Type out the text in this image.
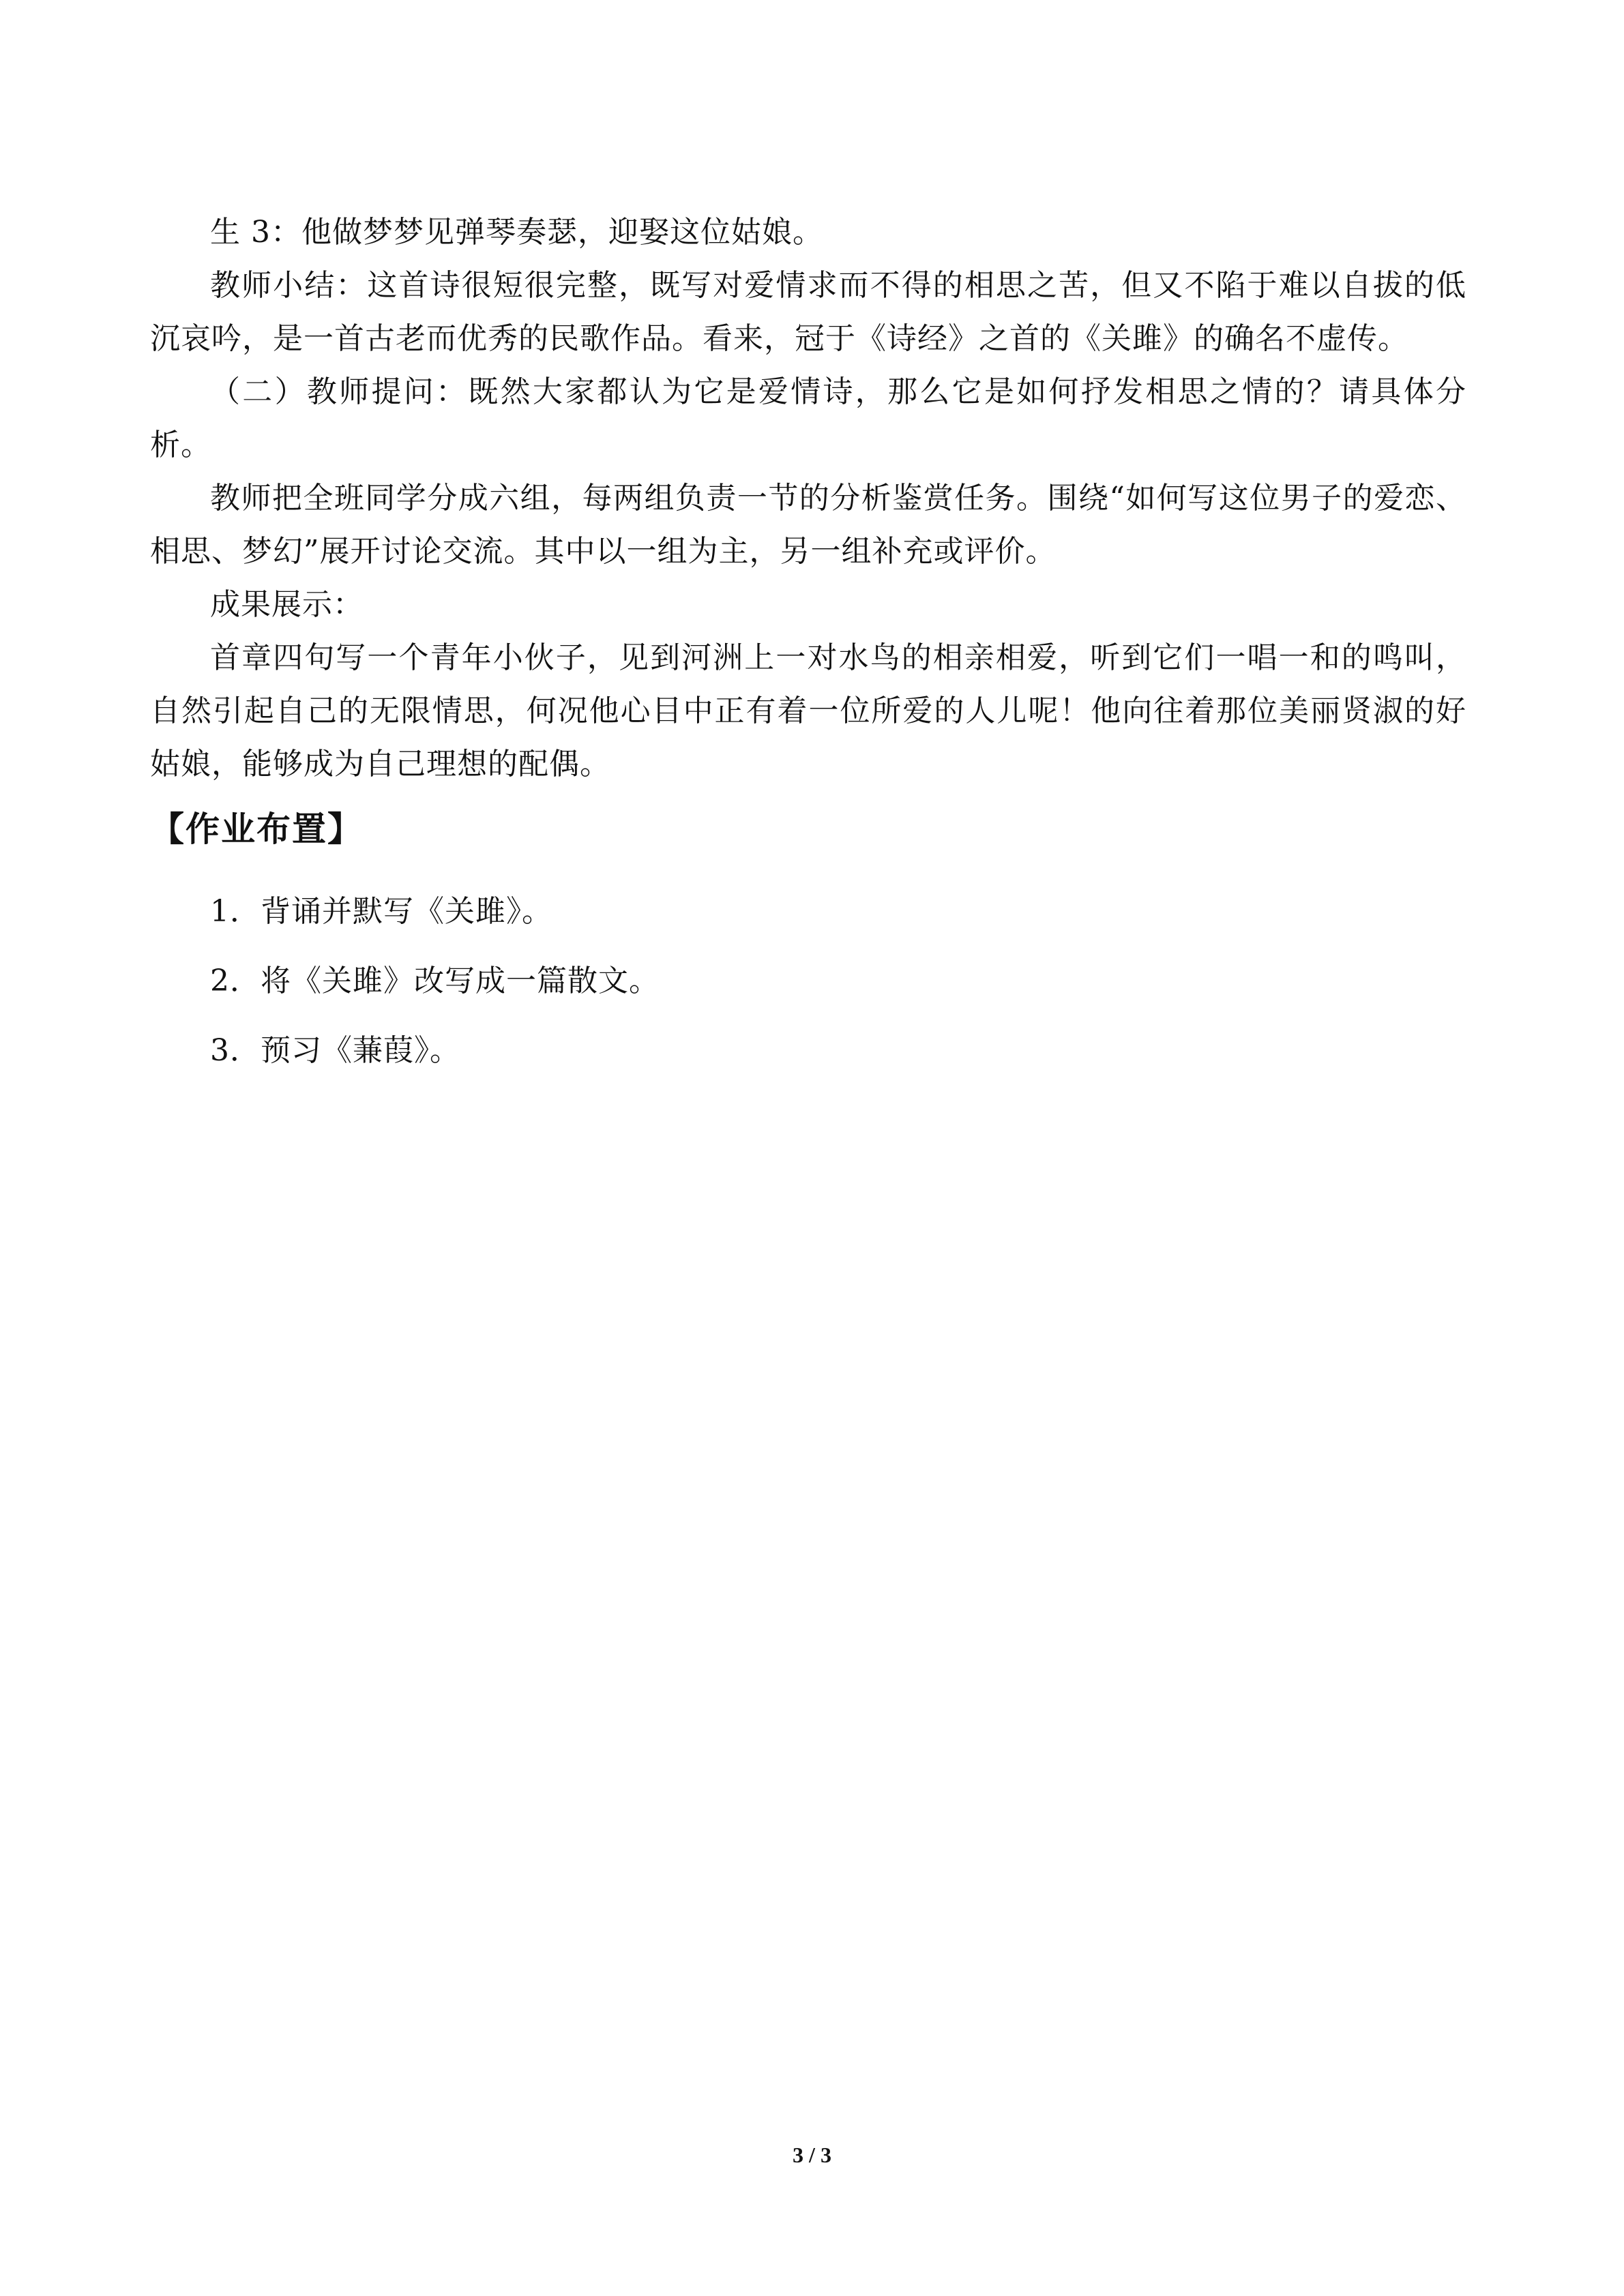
生 3：他做梦梦见弹琴奏瑟，迎娶这位姑娘。

教师小结：这首诗很短很完整，既写对爱情求而不得的相思之苦，但又不陷于难以自拔的低沉哀吟，是一首古老而优秀的民歌作品。看来，冠于《诗经》之首的《关雎》的确名不虚传。

（二）教师提问：既然大家都认为它是爱情诗，那么它是如何抒发相思之情的？请具体分析。

教师把全班同学分成六组，每两组负责一节的分析鉴赏任务。围绕“如何写这位男子的爱恋、相思、梦幻”展开讨论交流。其中以一组为主，另一组补充或评价。

成果展示：

首章四句写一个青年小伙子，见到河洲上一对水鸟的相亲相爱，听到它们一唱一和的鸣叫，自然引起自己的无限情思，何况他心目中正有着一位所爱的人儿呢！他向往着那位美丽贤淑的好姑娘，能够成为自己理想的配偶。

【作业布置】
1．背诵并默写《关雎》。
2．将《关雎》改写成一篇散文。
3．预习《蒹葭》。
3 / 3
